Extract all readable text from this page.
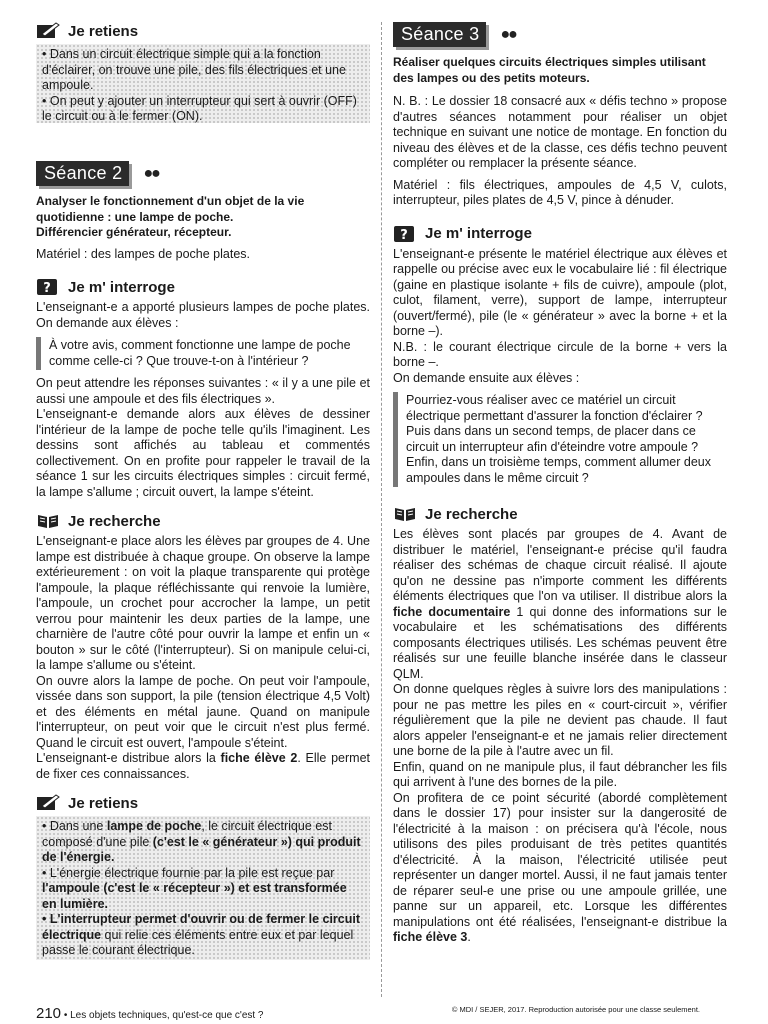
Je retiens

• Dans un circuit électrique simple qui a la fonction d'éclairer, on trouve une pile, des fils électriques et une ampoule.

• On peut y ajouter un interrupteur qui sert à ouvrir (OFF) le circuit ou à le fermer (ON).

Séance 2	●●

Analyser le fonctionnement d'un objet de la vie quotidienne : une lampe de poche.

Différencier générateur, récepteur.

Matériel : des lampes de poche plates.

? Je m' interroge

L'enseignant-e a apporté plusieurs lampes de poche plates. On demande aux élèves :

À votre avis, comment fonctionne une lampe de poche comme celle-ci ? Que trouve-t-on à l'intérieur ?

On peut attendre les réponses suivantes : « il y a une pile et aussi une ampoule et des fils électriques ».

L'enseignant-e demande alors aux élèves de dessiner l'intérieur de la lampe de poche telle qu'ils l'imaginent. Les dessins sont affichés au tableau et commentés collectivement. On en profite pour rappeler le travail de la séance 1 sur les circuits électriques simples : circuit fermé, la lampe s'allume ; circuit ouvert, la lampe s'éteint.

Je recherche

L'enseignant-e place alors les élèves par groupes de 4. Une lampe est distribuée à chaque groupe. On observe la lampe extérieurement : on voit la plaque transparente qui protège l'ampoule, la plaque réfléchissante qui renvoie la lumière, l'ampoule, un crochet pour accrocher la lampe, un petit verrou pour maintenir les deux parties de la lampe, une charnière de l'autre côté pour ouvrir la lampe et enfin un « bouton » sur le côté (l'interrupteur). Si on manipule celui-ci, la lampe s'allume ou s'éteint.

On ouvre alors la lampe de poche. On peut voir l'ampoule, vissée dans son support, la pile (tension électrique 4,5 Volt) et des éléments en métal jaune. Quand on manipule l'interrupteur, on peut voir que le circuit n'est plus fermé. Quand le circuit est ouvert, l'ampoule s'éteint.

L'enseignant-e distribue alors la fiche élève 2. Elle permet de fixer ces connaissances.

Je retiens

• Dans une lampe de poche, le circuit électrique est composé d'une pile (c'est le « générateur ») qui produit de l'énergie.

• L'énergie électrique fournie par la pile est reçue par l'ampoule (c'est le « récepteur ») et est transformée en lumière.

• L'interrupteur permet d'ouvrir ou de fermer le circuit électrique qui relie ces éléments entre eux et par lequel passe le courant électrique.

Séance 3	●●

Réaliser quelques circuits électriques simples utilisant des lampes ou des petits moteurs.

N. B. : Le dossier 18 consacré aux « défis techno » propose d'autres séances notamment pour réaliser un objet technique en suivant une notice de montage. En fonction du niveau des élèves et de la classe, ces défis techno peuvent compléter ou remplacer la présente séance.

Matériel : fils électriques, ampoules de 4,5 V, culots, interrupteur, piles plates de 4,5 V, pince à dénuder.

? Je m' interroge

L'enseignant-e présente le matériel électrique aux élèves et rappelle ou précise avec eux le vocabulaire lié : fil électrique (gaine en plastique isolante + fils de cuivre), ampoule (plot, culot, filament, verre), support de lampe, interrupteur (ouvert/fermé), pile (le « générateur » avec la borne + et la borne –).

N.B. : le courant électrique circule de la borne + vers la borne –.

On demande ensuite aux élèves :

Pourriez-vous réaliser avec ce matériel un circuit électrique permettant d'assurer la fonction d'éclairer ? Puis dans dans un second temps, de placer dans ce circuit un interrupteur afin d'éteindre votre ampoule ? Enfin, dans un troisième temps, comment allumer deux ampoules dans le même circuit ?

Je recherche

Les élèves sont placés par groupes de 4. Avant de distribuer le matériel, l'enseignant-e précise qu'il faudra réaliser des schémas de chaque circuit réalisé. Il ajoute qu'on ne dessine pas n'importe comment les différents éléments électriques que l'on va utiliser. Il distribue alors la fiche documentaire 1 qui donne des informations sur le vocabulaire et les schématisations des différents composants électriques utilisés. Les schémas peuvent être réalisés sur une feuille blanche insérée dans le classeur QLM.

On donne quelques règles à suivre lors des manipulations : pour ne pas mettre les piles en « court-circuit », vérifier régulièrement que la pile ne devient pas chaude. Il faut alors appeler l'enseignant-e et ne jamais relier directement une borne de la pile à l'autre avec un fil.

Enfin, quand on ne manipule plus, il faut débrancher les fils qui arrivent à l'une des bornes de la pile.

On profitera de ce point sécurité (abordé complètement dans le dossier 17) pour insister sur la dangerosité de l'électricité à la maison : on précisera qu'à l'école, nous utilisons des piles produisant de très petites quantités d'électricité. À la maison, l'électricité utilisée peut représenter un danger mortel. Aussi, il ne faut jamais tenter de réparer seul-e une prise ou une ampoule grillée, une panne sur un appareil, etc. Lorsque les différentes manipulations ont été réalisées, l'enseignant-e distribue la fiche élève 3.

210 • Les objets techniques, qu'est-ce que c'est ?
© MDI / SEJER, 2017. Reproduction autorisée pour une classe seulement.
